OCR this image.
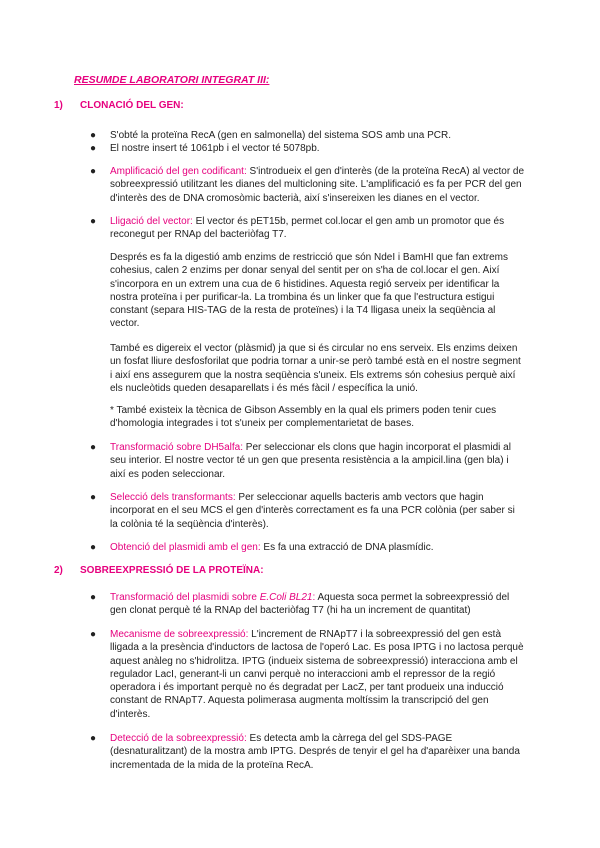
RESUMDE LABORATORI INTEGRAT III:
1) CLONACIÓ DEL GEN:
● S'obté la proteïna RecA (gen en salmonella) del sistema SOS amb una PCR.
● El nostre insert té 1061pb i el vector té 5078pb.
● Amplificació del gen codificant: S'introdueix el gen d'interès (de la proteïna RecA) al vector de sobreexpressió utilitzant les dianes del multicloning site. L'amplificació es fa per PCR del gen d'interès des de DNA cromosòmic bacterià, així s'insereixen les dianes en el vector.
● Lligació del vector: El vector és pET15b, permet col.locar el gen amb un promotor que és reconegut per RNAp del bacteriòfag T7.

Després es fa la digestió amb enzims de restricció que són NdeI i BamHI que fan extrems cohesius, calen 2 enzims per donar senyal del sentit per on s'ha de col.locar el gen. Així s'incorpora en un extrem una cua de 6 histidines. Aquesta regió serveix per identificar la nostra proteïna i per purificar-la. La trombina és un linker que fa que l'estructura estigui constant (separa HIS-TAG de la resta de proteïnes) i la T4 lligasa uneix la seqüència al vector.

També es digereix el vector (plàsmid) ja que si és circular no ens serveix. Els enzims deixen un fosfat lliure desfosforilat que podria tornar a unir-se però també està en el nostre segment i així ens assegurem que la nostra seqüència s'uneix. Els extrems són cohesius perquè així els nucleòtids queden desaparellats i és més fàcil / específica la unió.

* També existeix la tècnica de Gibson Assembly en la qual els primers poden tenir cues d'homologia integrades i tot s'uneix per complementarietat de bases.

● Transformació sobre DH5alfa: Per seleccionar els clons que hagin incorporat el plasmidi al seu interior. El nostre vector té un gen que presenta resistència a la ampicil.lina (gen bla) i així es poden seleccionar.
● Selecció dels transformants: Per seleccionar aquells bacteris amb vectors que hagin incorporat en el seu MCS el gen d'interès correctament es fa una PCR colònia (per saber si la colònia té la seqüència d'interès).
● Obtenció del plasmidi amb el gen: Es fa una extracció de DNA plasmídic.
2) SOBREEXPRESSIÓ DE LA PROTEÏNA:
● Transformació del plasmidi sobre E.Coli BL21: Aquesta soca permet la sobreexpressió del gen clonat perquè té la RNAp del bacteriòfag T7 (hi ha un increment de quantitat)
● Mecanisme de sobreexpressió: L'increment de RNApT7 i la sobreexpressió del gen està lligada a la presència d'inductors de lactosa de l'operó Lac. Es posa IPTG i no lactosa perquè aquest anàleg no s'hidrolitza. IPTG (indueix sistema de sobreexpressió) interacciona amb el regulador LacI, generant-li un canvi perquè no interaccioni amb el repressor de la regió operadora i és important perquè no és degradat per LacZ, per tant produeix una inducció constant de RNApT7. Aquesta polimerasa augmenta moltíssim la transcripció del gen d'interès.
● Detecció de la sobreexpressió: Es detecta amb la càrrega del gel SDS-PAGE (desnaturalitzant) de la mostra amb IPTG. Després de tenyir el gel ha d'aparèixer una banda incrementada de la mida de la proteïna RecA.
